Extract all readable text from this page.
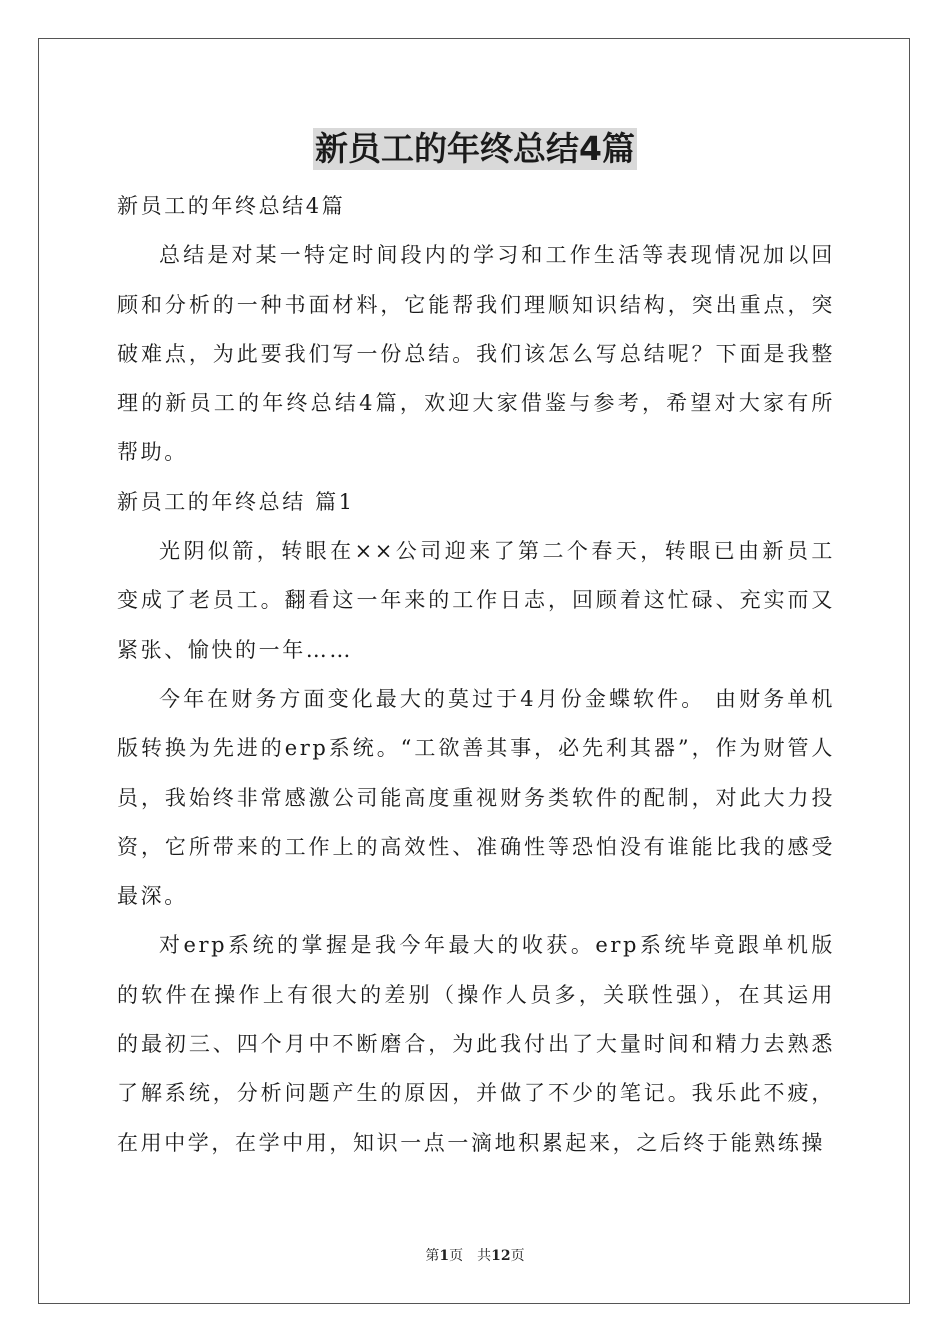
新员工的年终总结4篇

新员工的年终总结4篇

总结是对某一特定时间段内的学习和工作生活等表现情况加以回顾和分析的一种书面材料，它能帮我们理顺知识结构，突出重点，突破难点，为此要我们写一份总结。我们该怎么写总结呢？下面是我整理的新员工的年终总结4篇，欢迎大家借鉴与参考，希望对大家有所帮助。

新员工的年终总结 篇1

光阴似箭，转眼在××公司迎来了第二个春天，转眼已由新员工变成了老员工。翻看这一年来的工作日志，回顾着这忙碌、充实而又紧张、愉快的一年……

今年在财务方面变化最大的莫过于4月份金蝶软件。 由财务单机版转换为先进的erp系统。“工欲善其事，必先利其器”，作为财管人员，我始终非常感激公司能高度重视财务类软件的配制，对此大力投资，它所带来的工作上的高效性、准确性等恐怕没有谁能比我的感受最深。

对erp系统的掌握是我今年最大的收获。erp系统毕竟跟单机版的软件在操作上有很大的差别（操作人员多，关联性强），在其运用的最初三、四个月中不断磨合，为此我付出了大量时间和精力去熟悉了解系统，分析问题产生的原因，并做了不少的笔记。我乐此不疲，在用中学，在学中用，知识一点一滴地积累起来，之后终于能熟练操

第1页　共12页
